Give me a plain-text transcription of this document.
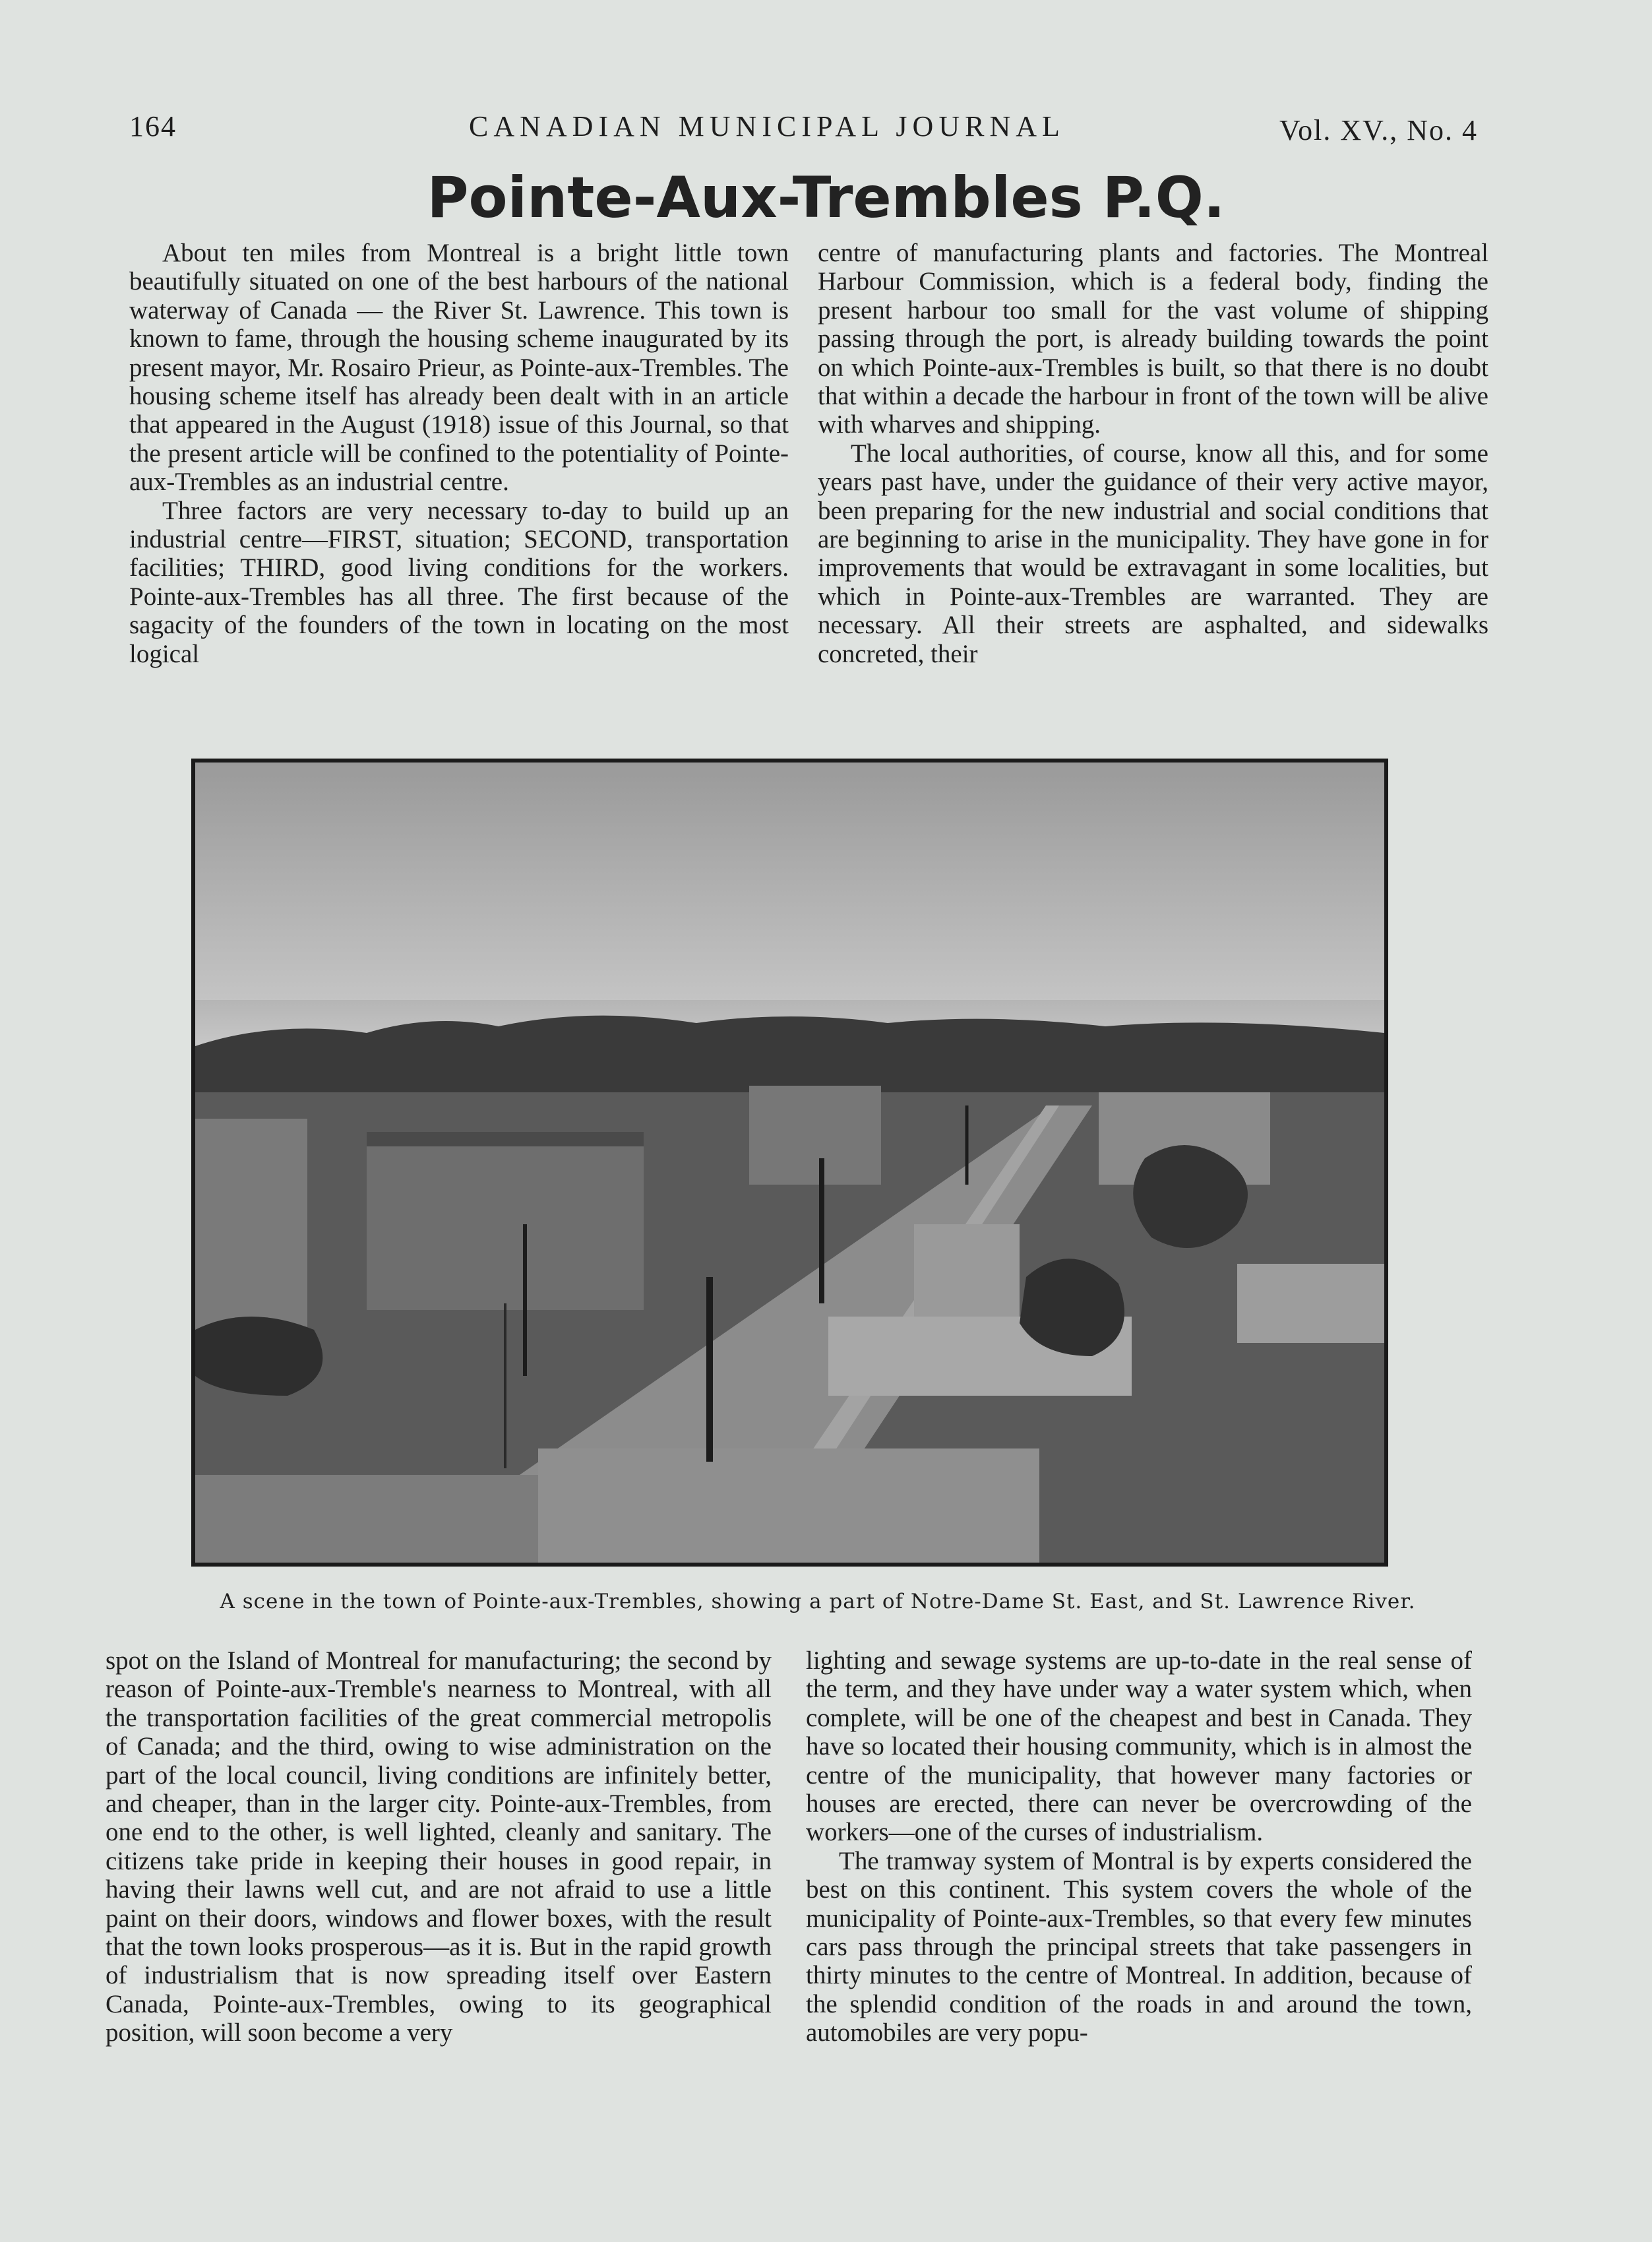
164	CANADIAN MUNICIPAL JOURNAL	Vol. XV., No. 4
Pointe-Aux-Trembles P.Q.

About ten miles from Montreal is a bright little town beautifully situated on one of the best harbours of the national waterway of Canada — the River St. Lawrence. This town is known to fame, through the housing scheme inaugurated by its present mayor, Mr. Rosairo Prieur, as Pointe-aux-Trembles. The housing scheme itself has already been dealt with in an article that appeared in the August (1918) issue of this Journal, so that the present article will be confined to the potentiality of Pointe-aux-Trembles as an industrial centre.

Three factors are very necessary to-day to build up an industrial centre—FIRST, situation; SECOND, transportation facilities; THIRD, good living conditions for the workers. Pointe-aux-Trembles has all three. The first because of the sagacity of the founders of the town in locating on the most logical

centre of manufacturing plants and factories. The Montreal Harbour Commission, which is a federal body, finding the present harbour too small for the vast volume of shipping passing through the port, is already building towards the point on which Pointe-aux-Trembles is built, so that there is no doubt that within a decade the harbour in front of the town will be alive with wharves and shipping.

The local authorities, of course, know all this, and for some years past have, under the guidance of their very active mayor, been preparing for the new industrial and social conditions that are beginning to arise in the municipality. They have gone in for improvements that would be extravagant in some localities, but which in Pointe-aux-Trembles are warranted. They are necessary. All their streets are asphalted, and sidewalks concreted, their

A scene in the town of Pointe-aux-Trembles, showing a part of Notre-Dame St. East, and St. Lawrence River.

spot on the Island of Montreal for manufacturing; the second by reason of Pointe-aux-Tremble's nearness to Montreal, with all the transportation facilities of the great commercial metropolis of Canada; and the third, owing to wise administration on the part of the local council, living conditions are infinitely better, and cheaper, than in the larger city. Pointe-aux-Trembles, from one end to the other, is well lighted, cleanly and sanitary. The citizens take pride in keeping their houses in good repair, in having their lawns well cut, and are not afraid to use a little paint on their doors, windows and flower boxes, with the result that the town looks prosperous—as it is. But in the rapid growth of industrialism that is now spreading itself over Eastern Canada, Pointe-aux-Trembles, owing to its geographical position, will soon become a very

lighting and sewage systems are up-to-date in the real sense of the term, and they have under way a water system which, when complete, will be one of the cheapest and best in Canada. They have so located their housing community, which is in almost the centre of the municipality, that however many factories or houses are erected, there can never be overcrowding of the workers—one of the curses of industrialism.

The tramway system of Montral is by experts considered the best on this continent. This system covers the whole of the municipality of Pointe-aux-Trembles, so that every few minutes cars pass through the principal streets that take passengers in thirty minutes to the centre of Montreal. In addition, because of the splendid condition of the roads in and around the town, automobiles are very popu-
